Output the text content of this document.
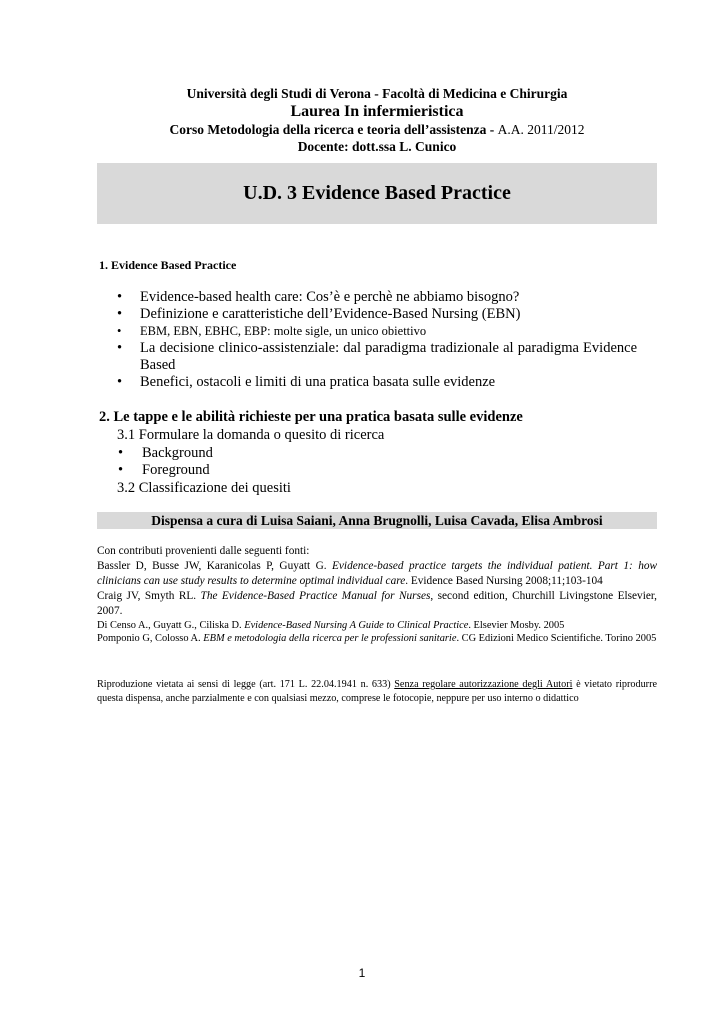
Università degli Studi di Verona - Facoltà di Medicina e Chirurgia
Laurea In infermieristica
Corso Metodologia della ricerca e teoria dell’assistenza - A.A. 2011/2012
Docente: dott.ssa L. Cunico
U.D. 3 Evidence Based Practice
1. Evidence Based Practice
• Evidence-based health care: Cos’è e perchè ne abbiamo bisogno?
• Definizione e caratteristiche dell’Evidence-Based Nursing (EBN)
• EBM, EBN, EBHC, EBP: molte sigle, un unico obiettivo
• La decisione clinico-assistenziale: dal paradigma tradizionale al paradigma Evidence Based
• Benefici, ostacoli e limiti di una pratica basata sulle evidenze
2. Le tappe e le abilità richieste per una pratica basata sulle evidenze
3.1 Formulare la domanda o quesito di ricerca
• Background
• Foreground
3.2 Classificazione dei quesiti
Dispensa a cura di Luisa Saiani, Anna Brugnolli, Luisa Cavada, Elisa Ambrosi

Con contributi provenienti dalle seguenti fonti:

Bassler D, Busse JW, Karanicolas P, Guyatt G. Evidence-based practice targets the individual patient. Part 1: how clinicians can use study results to determine optimal individual care. Evidence Based Nursing 2008;11;103-104

Craig JV, Smyth RL. The Evidence-Based Practice Manual for Nurses, second edition, Churchill Livingstone Elsevier, 2007.

Di Censo A., Guyatt G., Ciliska D. Evidence-Based Nursing A Guide to Clinical Practice. Elsevier Mosby. 2005

Pomponio G, Colosso A. EBM e metodologia della ricerca per le professioni sanitarie. CG Edizioni Medico Scientifiche. Torino 2005

Riproduzione vietata ai sensi di legge (art. 171 L. 22.04.1941 n. 633) Senza regolare autorizzazione degli Autori è vietato riprodurre questa dispensa, anche parzialmente e con qualsiasi mezzo, comprese le fotocopie, neppure per uso interno o didattico

1
